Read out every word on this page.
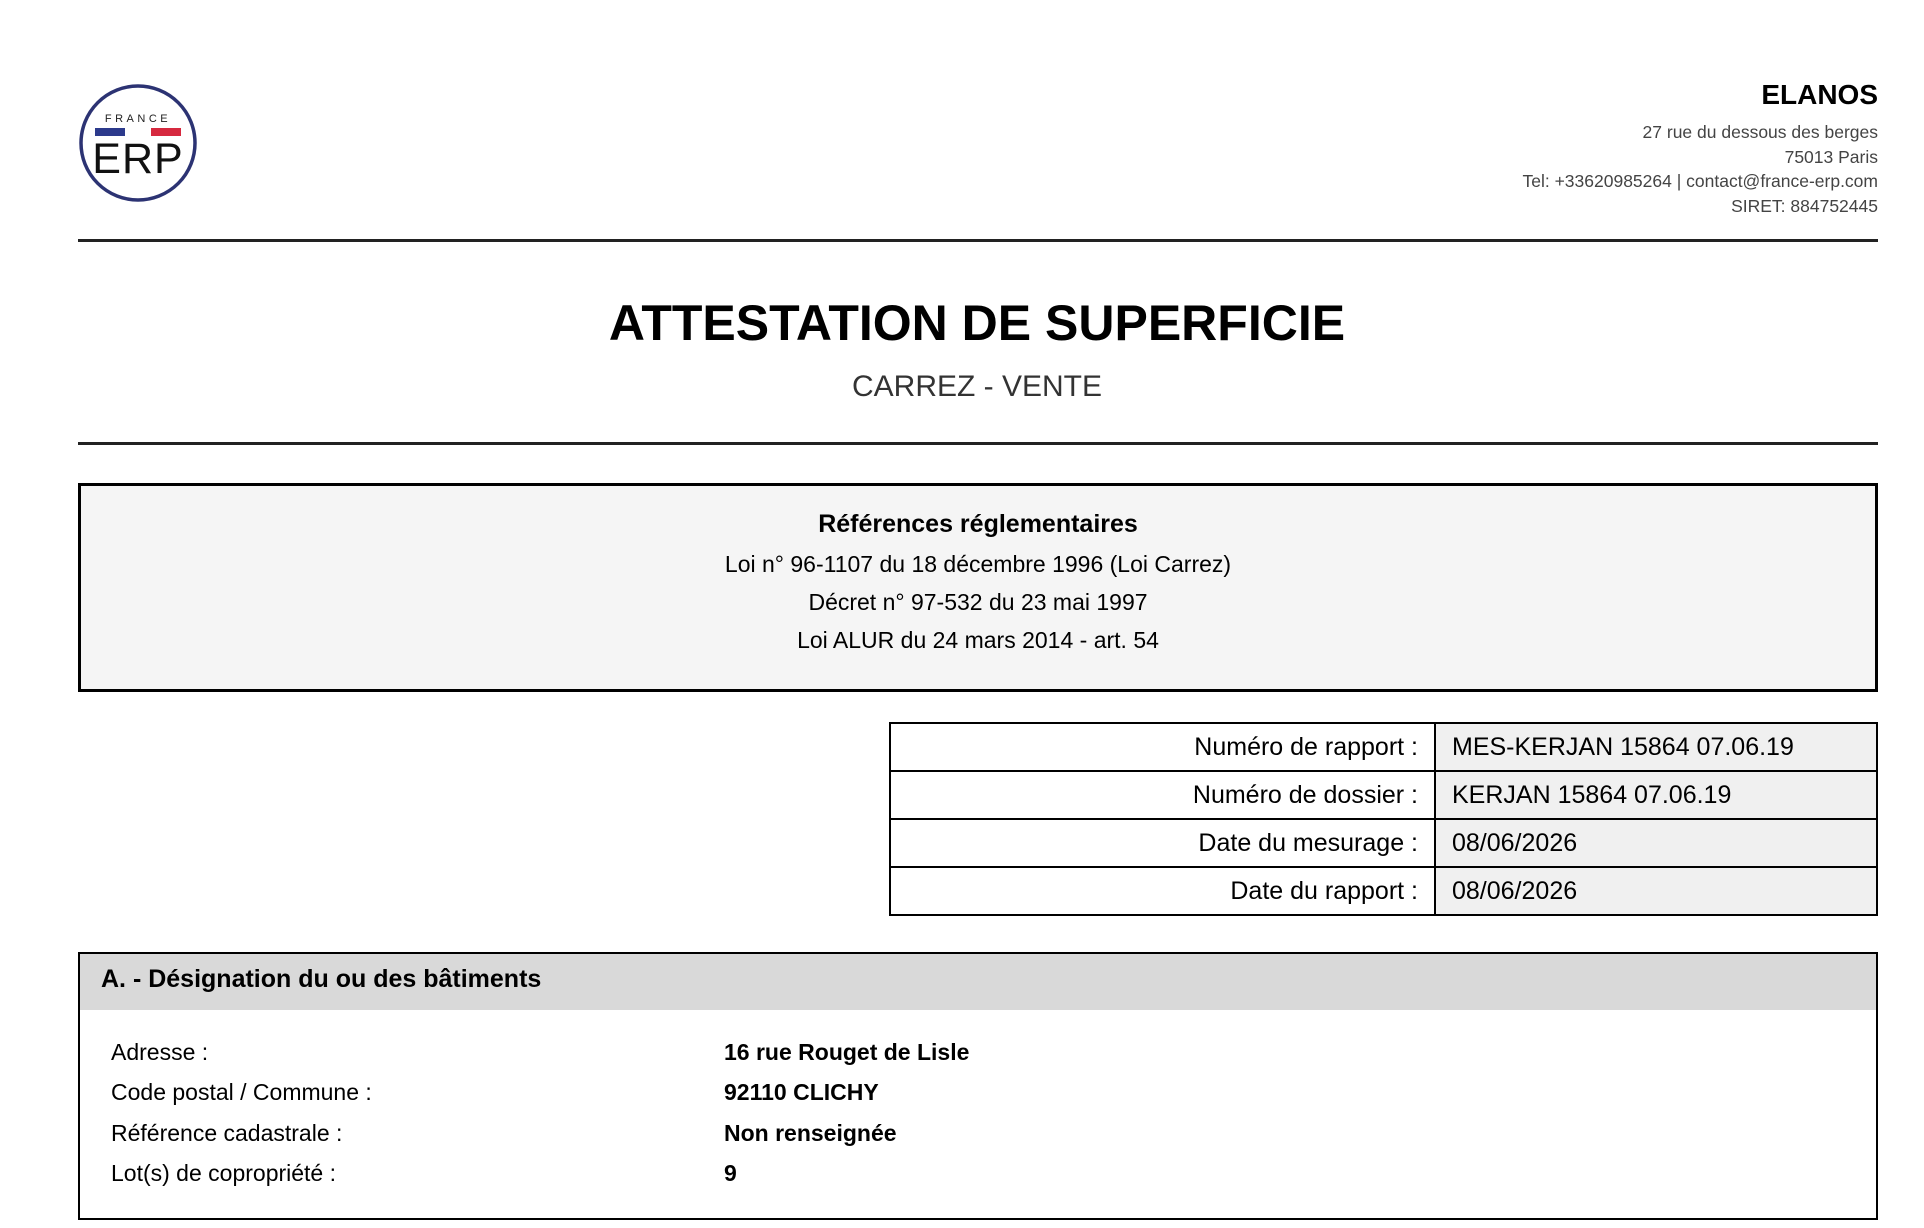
FRANCE
ERP
ELANOS
27 rue du dessous des berges
75013 Paris
Tel: +33620985264 | contact@france-erp.com
SIRET: 884752445
ATTESTATION DE SUPERFICIE
CARREZ - VENTE
Références réglementaires
Loi n° 96-1107 du 18 décembre 1996 (Loi Carrez)
Décret n° 97-532 du 23 mai 1997
Loi ALUR du 24 mars 2014 - art. 54
Numéro de rapport :	MES-KERJAN 15864 07.06.19
Numéro de dossier :	KERJAN 15864 07.06.19
Date du mesurage :	08/06/2026
Date du rapport :	08/06/2026
A. - Désignation du ou des bâtiments
Adresse :	16 rue Rouget de Lisle
Code postal / Commune :	92110 CLICHY
Référence cadastrale :	Non renseignée
Lot(s) de copropriété :	9
